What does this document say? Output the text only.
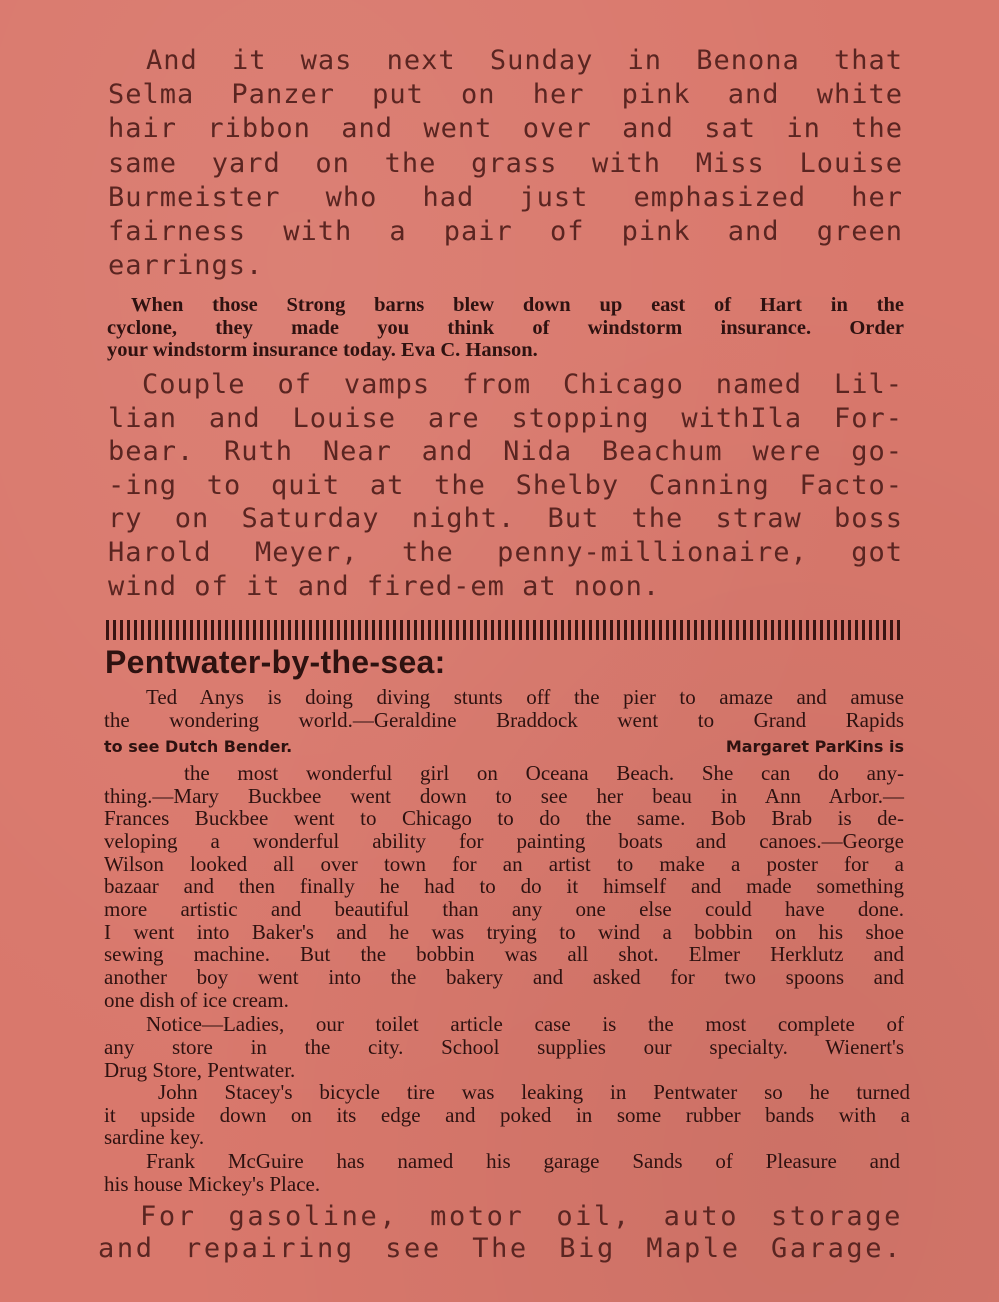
And it was next Sunday in Benona that
Selma Panzer put on her pink and white
hair ribbon and went over and sat in the
same yard on the grass with Miss Louise
Burmeister who had just emphasized her
fairness with a pair of pink and green
earrings.
When those Strong barns blew down up east of Hart in the
cyclone, they made you think of windstorm insurance. Order
your windstorm insurance today. Eva C. Hanson.
Couple of vamps from Chicago named Lil-
lian and Louise are stopping withIla For-
bear. Ruth Near and Nida Beachum were go-
-ing to quit at the Shelby Canning Facto-
ry on Saturday night. But the straw boss
Harold Meyer, the penny-millionaire, got
wind of it and fired-em at noon.
Pentwater-by-the-sea:
Ted Anys is doing diving stunts off the pier to amaze and amuse
the wondering world.—Geraldine Braddock went to Grand Rapids
to see Dutch Bender.	Margaret ParKins is
the most wonderful girl on Oceana Beach. She can do any-
thing.—Mary Buckbee went down to see her beau in Ann Arbor.—
Frances Buckbee went to Chicago to do the same. Bob Brab is de-
veloping a wonderful ability for painting boats and canoes.—George
Wilson looked all over town for an artist to make a poster for a
bazaar and then finally he had to do it himself and made something
more artistic and beautiful than any one else could have done.
I went into Baker's and he was trying to wind a bobbin on his shoe
sewing machine. But the bobbin was all shot. Elmer Herklutz and
another boy went into the bakery and asked for two spoons and
one dish of ice cream.
Notice—Ladies, our toilet article case is the most complete of
any store in the city. School supplies our specialty. Wienert's
Drug Store, Pentwater.
John Stacey's bicycle tire was leaking in Pentwater so he turned
it upside down on its edge and poked in some rubber bands with a
sardine key.
Frank McGuire has named his garage Sands of Pleasure and
his house Mickey's Place.
For gasoline, motor oil, auto storage
and repairing see The Big Maple Garage.
